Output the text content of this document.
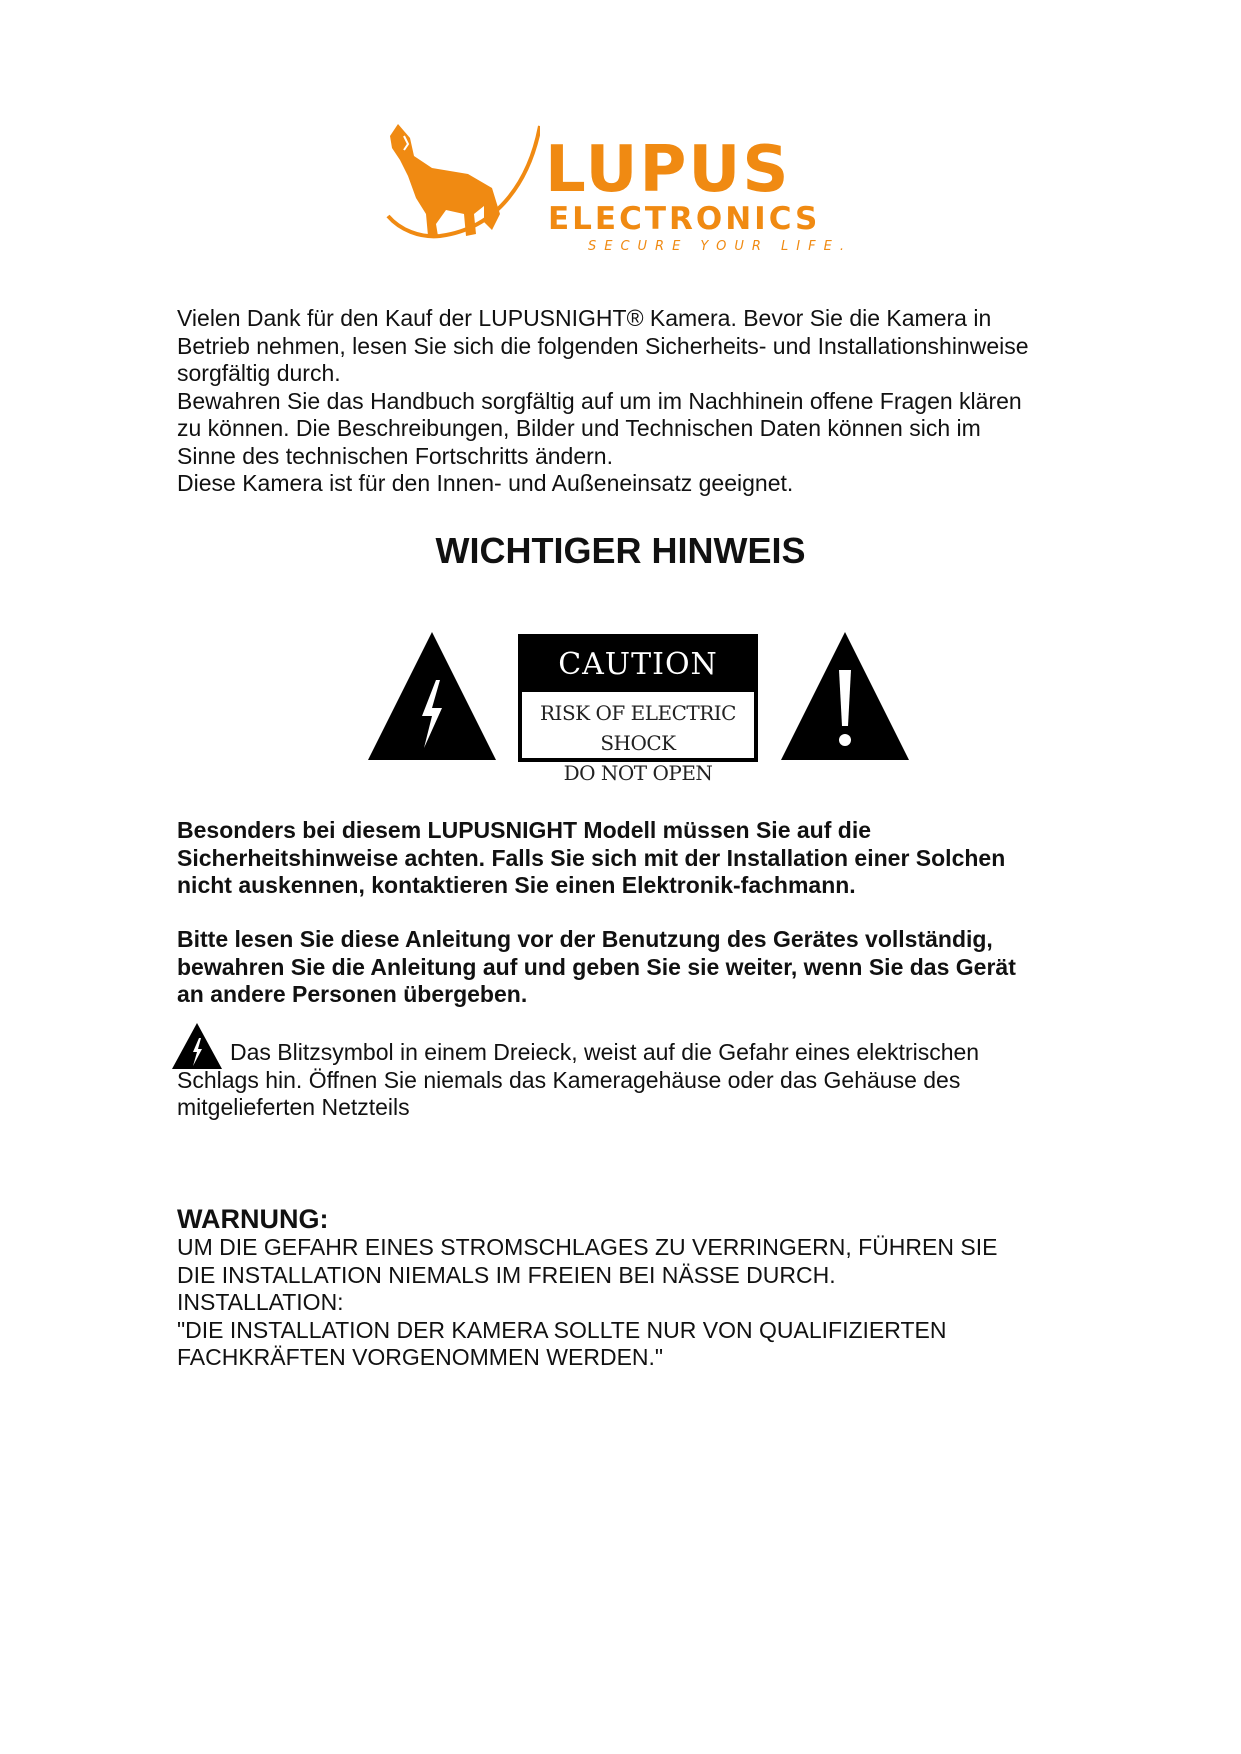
LUPUS
ELECTRONICS
SECURE YOUR LIFE.
Vielen Dank für den Kauf der LUPUSNIGHT® Kamera. Bevor Sie die Kamera in
Betrieb nehmen, lesen Sie sich die folgenden Sicherheits- und Installationshinweise
sorgfältig durch.
Bewahren Sie das Handbuch sorgfältig auf um im Nachhinein offene Fragen klären
zu können. Die Beschreibungen, Bilder und Technischen Daten können sich im
Sinne des technischen Fortschritts ändern.
Diese Kamera ist für den Innen- und Außeneinsatz geeignet.
WICHTIGER HINWEIS
CAUTION
RISK OF ELECTRIC SHOCK
DO NOT OPEN
Besonders bei diesem LUPUSNIGHT Modell müssen Sie auf die
Sicherheitshinweise achten. Falls Sie sich mit der Installation einer Solchen
nicht auskennen, kontaktieren Sie einen Elektronik-fachmann.
Bitte lesen Sie diese Anleitung vor der Benutzung des Gerätes vollständig,
bewahren Sie die Anleitung auf und geben Sie sie weiter, wenn Sie das Gerät
an andere Personen übergeben.
Das Blitzsymbol in einem Dreieck, weist auf die Gefahr eines elektrischen
Schlags hin. Öffnen Sie niemals das Kameragehäuse oder das Gehäuse des
mitgelieferten Netzteils
WARNUNG:
UM DIE GEFAHR EINES STROMSCHLAGES ZU VERRINGERN, FÜHREN SIE
DIE INSTALLATION NIEMALS IM FREIEN BEI NÄSSE DURCH.
INSTALLATION:
"DIE INSTALLATION DER KAMERA SOLLTE NUR VON QUALIFIZIERTEN
FACHKRÄFTEN VORGENOMMEN WERDEN."
